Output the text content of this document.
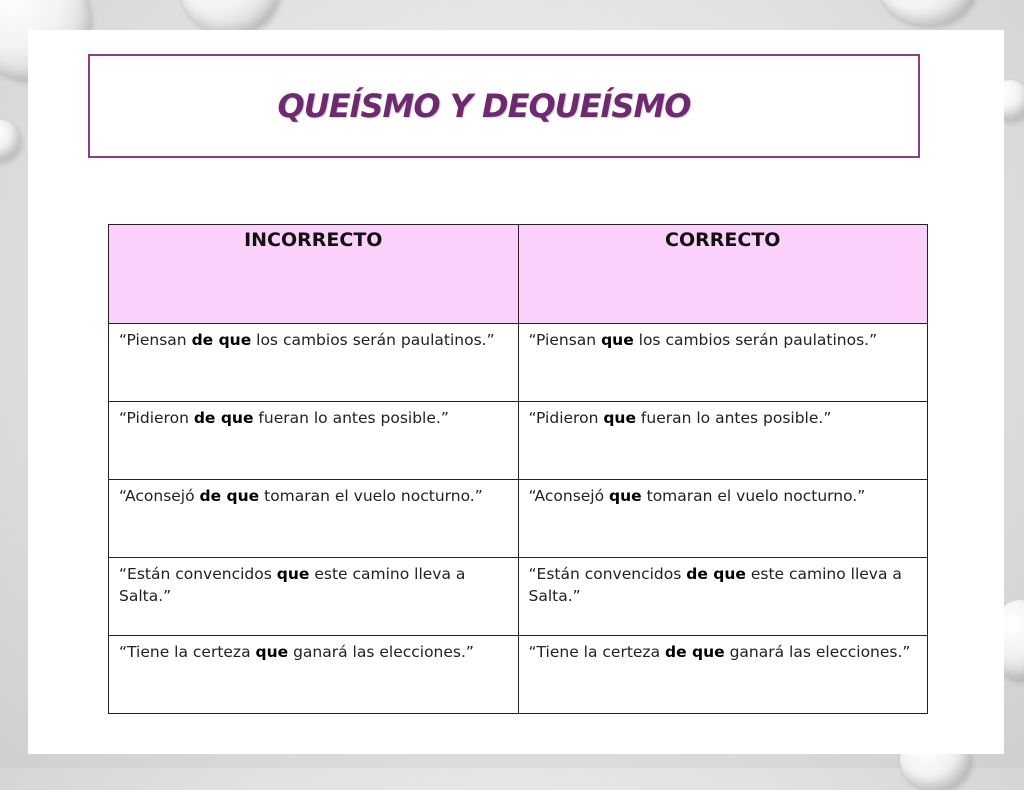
QUEÍSMO Y DEQUEÍSMO
INCORRECTO	CORRECTO
“Piensan de que los cambios serán paulatinos.”	“Piensan que los cambios serán paulatinos.”
“Pidieron de que fueran lo antes posible.”	“Pidieron que fueran lo antes posible.”
“Aconsejó de que tomaran el vuelo nocturno.”	“Aconsejó que tomaran el vuelo nocturno.”
“Están convencidos que este camino lleva a Salta.”	“Están convencidos de que este camino lleva a Salta.”
“Tiene la certeza que ganará las elecciones.”	“Tiene la certeza de que ganará las elecciones.”
